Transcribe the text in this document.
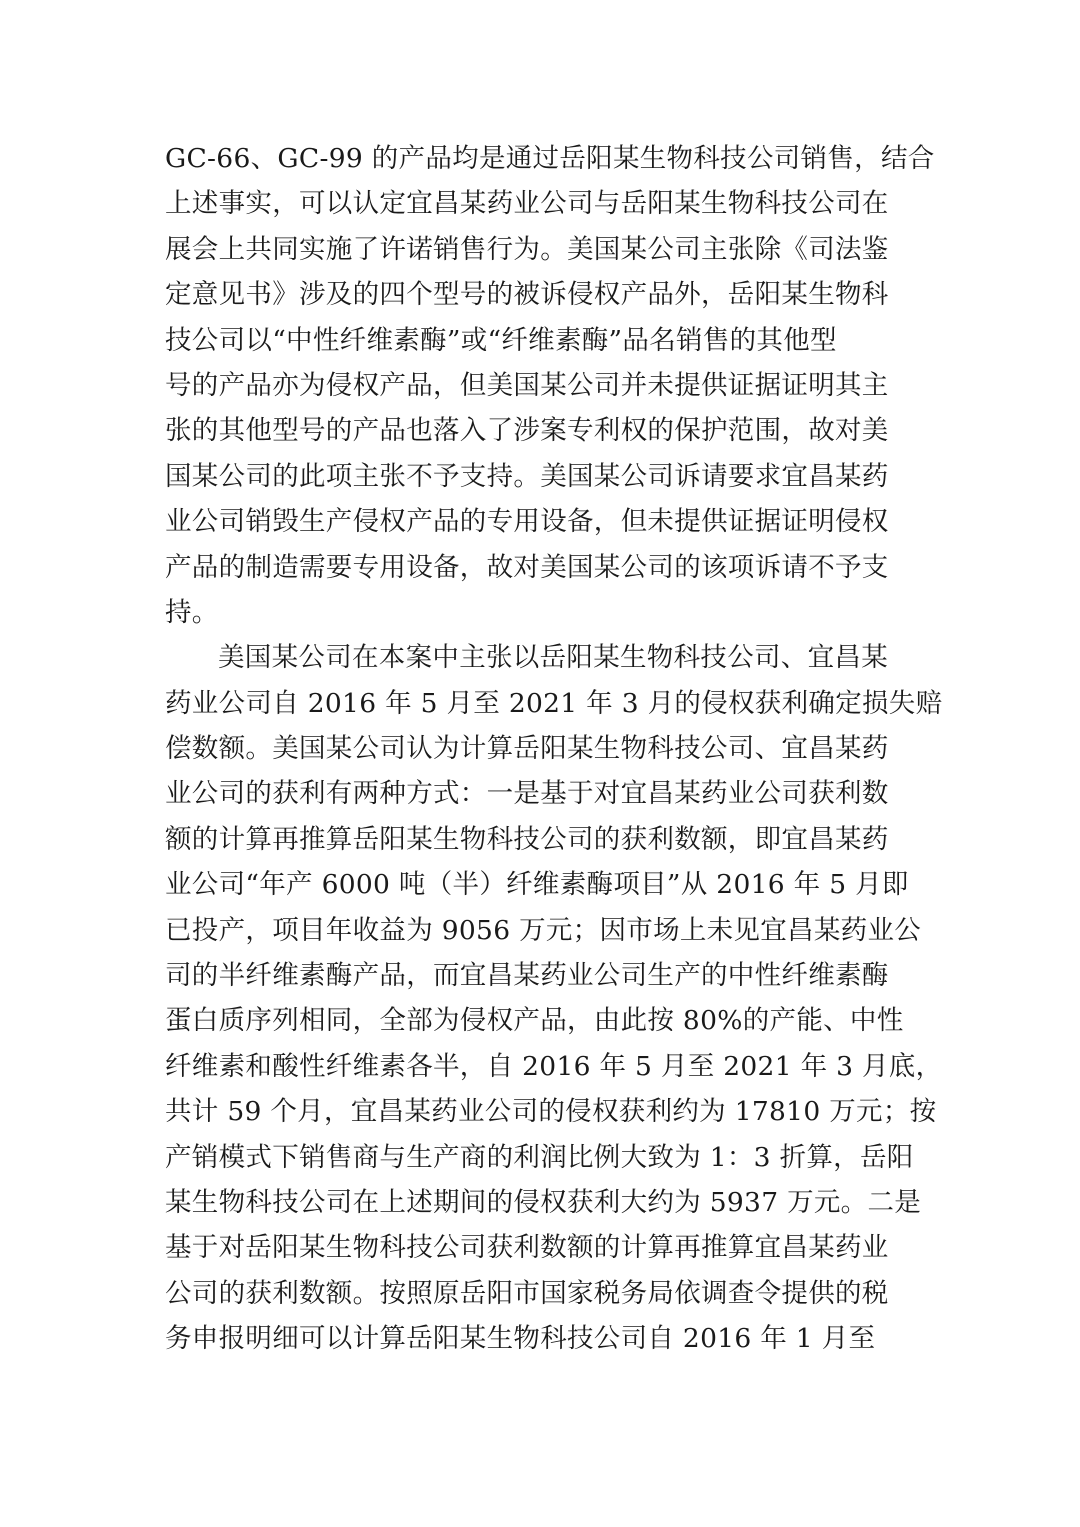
GC-66、GC-99 的产品均是通过岳阳某生物科技公司销售，结合
上述事实，可以认定宜昌某药业公司与岳阳某生物科技公司在
展会上共同实施了许诺销售行为。美国某公司主张除《司法鉴
定意见书》涉及的四个型号的被诉侵权产品外，岳阳某生物科
技公司以“中性纤维素酶”或“纤维素酶”品名销售的其他型
号的产品亦为侵权产品，但美国某公司并未提供证据证明其主
张的其他型号的产品也落入了涉案专利权的保护范围，故对美
国某公司的此项主张不予支持。美国某公司诉请要求宜昌某药
业公司销毁生产侵权产品的专用设备，但未提供证据证明侵权
产品的制造需要专用设备，故对美国某公司的该项诉请不予支
持。
美国某公司在本案中主张以岳阳某生物科技公司、宜昌某
药业公司自 2016 年 5 月至 2021 年 3 月的侵权获利确定损失赔
偿数额。美国某公司认为计算岳阳某生物科技公司、宜昌某药
业公司的获利有两种方式：一是基于对宜昌某药业公司获利数
额的计算再推算岳阳某生物科技公司的获利数额，即宜昌某药
业公司“年产 6000 吨（半）纤维素酶项目”从 2016 年 5 月即
已投产，项目年收益为 9056 万元；因市场上未见宜昌某药业公
司的半纤维素酶产品，而宜昌某药业公司生产的中性纤维素酶
蛋白质序列相同，全部为侵权产品，由此按 80%的产能、中性
纤维素和酸性纤维素各半，自 2016 年 5 月至 2021 年 3 月底，
共计 59 个月，宜昌某药业公司的侵权获利约为 17810 万元；按
产销模式下销售商与生产商的利润比例大致为 1：3 折算，岳阳
某生物科技公司在上述期间的侵权获利大约为 5937 万元。二是
基于对岳阳某生物科技公司获利数额的计算再推算宜昌某药业
公司的获利数额。按照原岳阳市国家税务局依调查令提供的税
务申报明细可以计算岳阳某生物科技公司自 2016 年 1 月至
